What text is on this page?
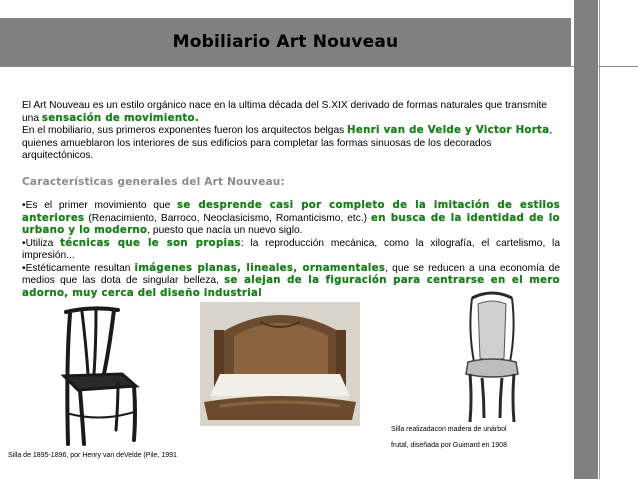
Mobiliario Art Nouveau
El Art Nouveau es un estilo orgánico nace en la ultima década del S.XIX derivado de formas naturales que transmite una sensación de movimiento.
En el mobiliario, sus primeros exponentes fueron los arquitectos belgas Henri van de Velde y Victor Horta, quienes amueblaron los interiores de sus edificios para completar las formas sinuosas de los decorados arquitectónicos.
Características generales del Art Nouveau:

•Es el primer movimiento que se desprende casi por completo de la imitación de estilos anteriores (Renacimiento, Barroco, Neoclasicismo, Romanticismo, etc.) en busca de la identidad de lo urbano y lo moderno, puesto que nacía un nuevo siglo.

•Utiliza técnicas que le son propias: la reproducción mecánica, como la xilografía, el cartelismo, la impresión...

•Estéticamente resultan imágenes planas, lineales, ornamentales, que se reducen a una economía de medios que las dota de singular belleza, se alejan de la figuración para centrarse en el mero adorno, muy cerca del diseño industrial

Silla realizadacon madera de unárbol
frutal, diseñada por Guimard en 1908
Silla de 1895-1896, por Henry van deVelde (Pile, 1991
